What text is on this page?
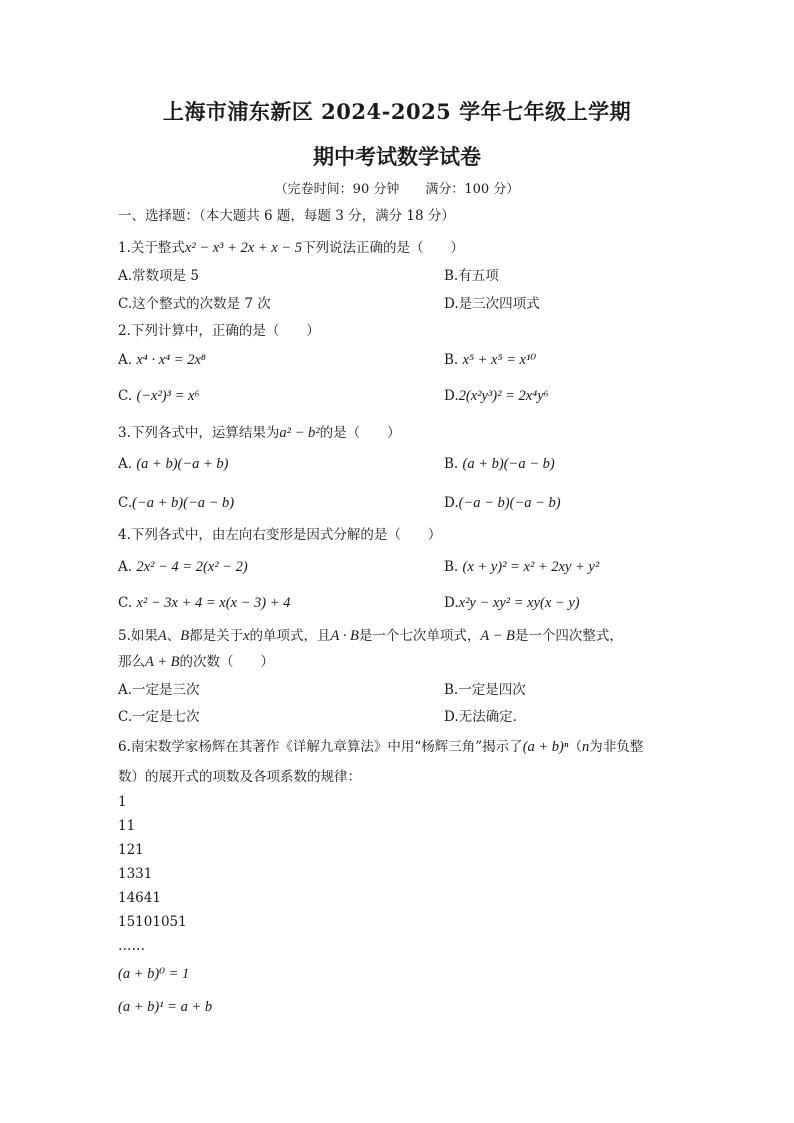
上海市浦东新区 2024-2025 学年七年级上学期
期中考试数学试卷
（完卷时间：90 分钟 满分：100 分）
一、选择题：（本大题共 6 题，每题 3 分，满分 18 分）
1.关于整式x² − x³ + 2x + x − 5下列说法正确的是（　　）
A.常数项是 5	B.有五项
C.这个整式的次数是 7 次	D.是三次四项式
2.下列计算中，正确的是（　　）
A. x⁴ · x⁴ = 2x⁸	B. x⁵ + x⁵ = x¹⁰
C. (−x²)³ = x⁶	D.2(x²y³)² = 2x⁴y⁶
3.下列各式中，运算结果为a² − b²的是（　　）
A. (a + b)(−a + b)	B. (a + b)(−a − b)
C.(−a + b)(−a − b)	D.(−a − b)(−a − b)
4.下列各式中，由左向右变形是因式分解的是（　　）
A. 2x² − 4 = 2(x² − 2)	B. (x + y)² = x² + 2xy + y²
C. x² − 3x + 4 = x(x − 3) + 4	D.x²y − xy² = xy(x − y)
5.如果A、B都是关于x的单项式，且A · B是一个七次单项式，A − B是一个四次整式，
那么A + B的次数（　　）
A.一定是三次	B.一定是四次
C.一定是七次	D.无法确定．
6.南宋数学家杨辉在其著作《详解九章算法》中用“杨辉三角”揭示了(a + b)ⁿ（n为非负整
数）的展开式的项数及各项系数的规律：
1
11
121
1331
14641
15101051
……
(a + b)⁰ = 1
(a + b)¹ = a + b
